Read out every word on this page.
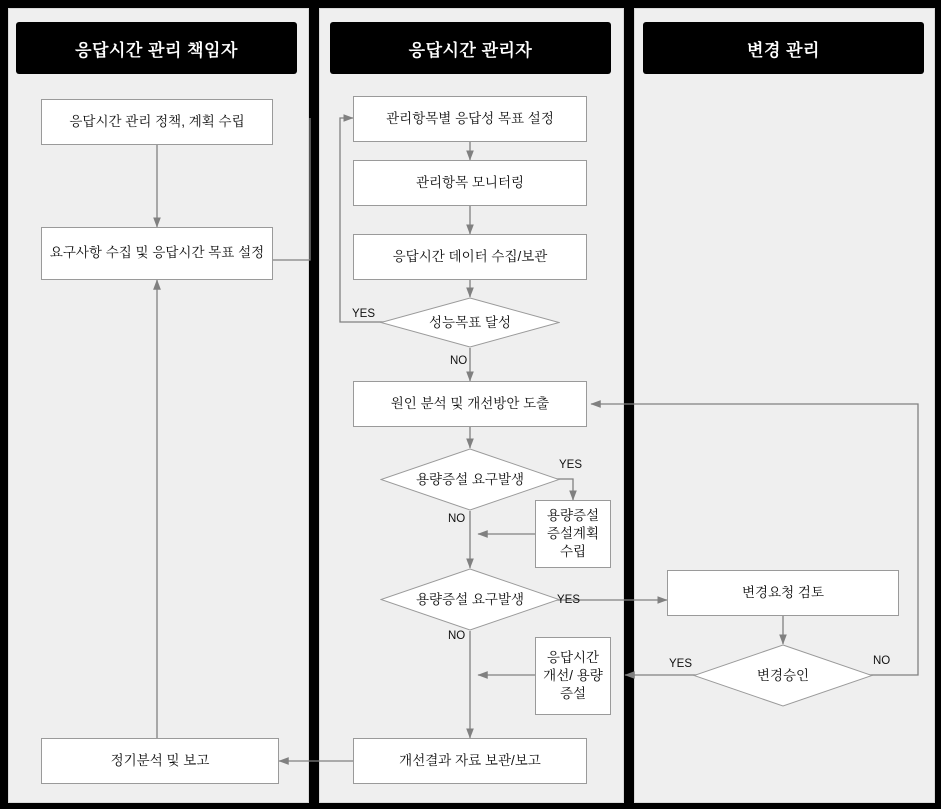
응답시간 관리 책임자	응답시간 관리자	변경 관리
응답시간 관리 정책, 계획 수립
요구사항 수집 및 응답시간 목표 설정
정기분석 및 보고
관리항목별 응답성 목표 설정
관리항목 모니터링
응답시간 데이터 수집/보관
성능목표 달성
원인 분석 및 개선방안 도출
용량증설 요구발생
용량증설 증설계획 수립
용량증설 요구발생
응답시간 개선/ 용량 증설
개선결과 자료 보관/보고
변경요청 검토
변경승인
YES
NO
YES
NO
YES
NO
YES	NO
